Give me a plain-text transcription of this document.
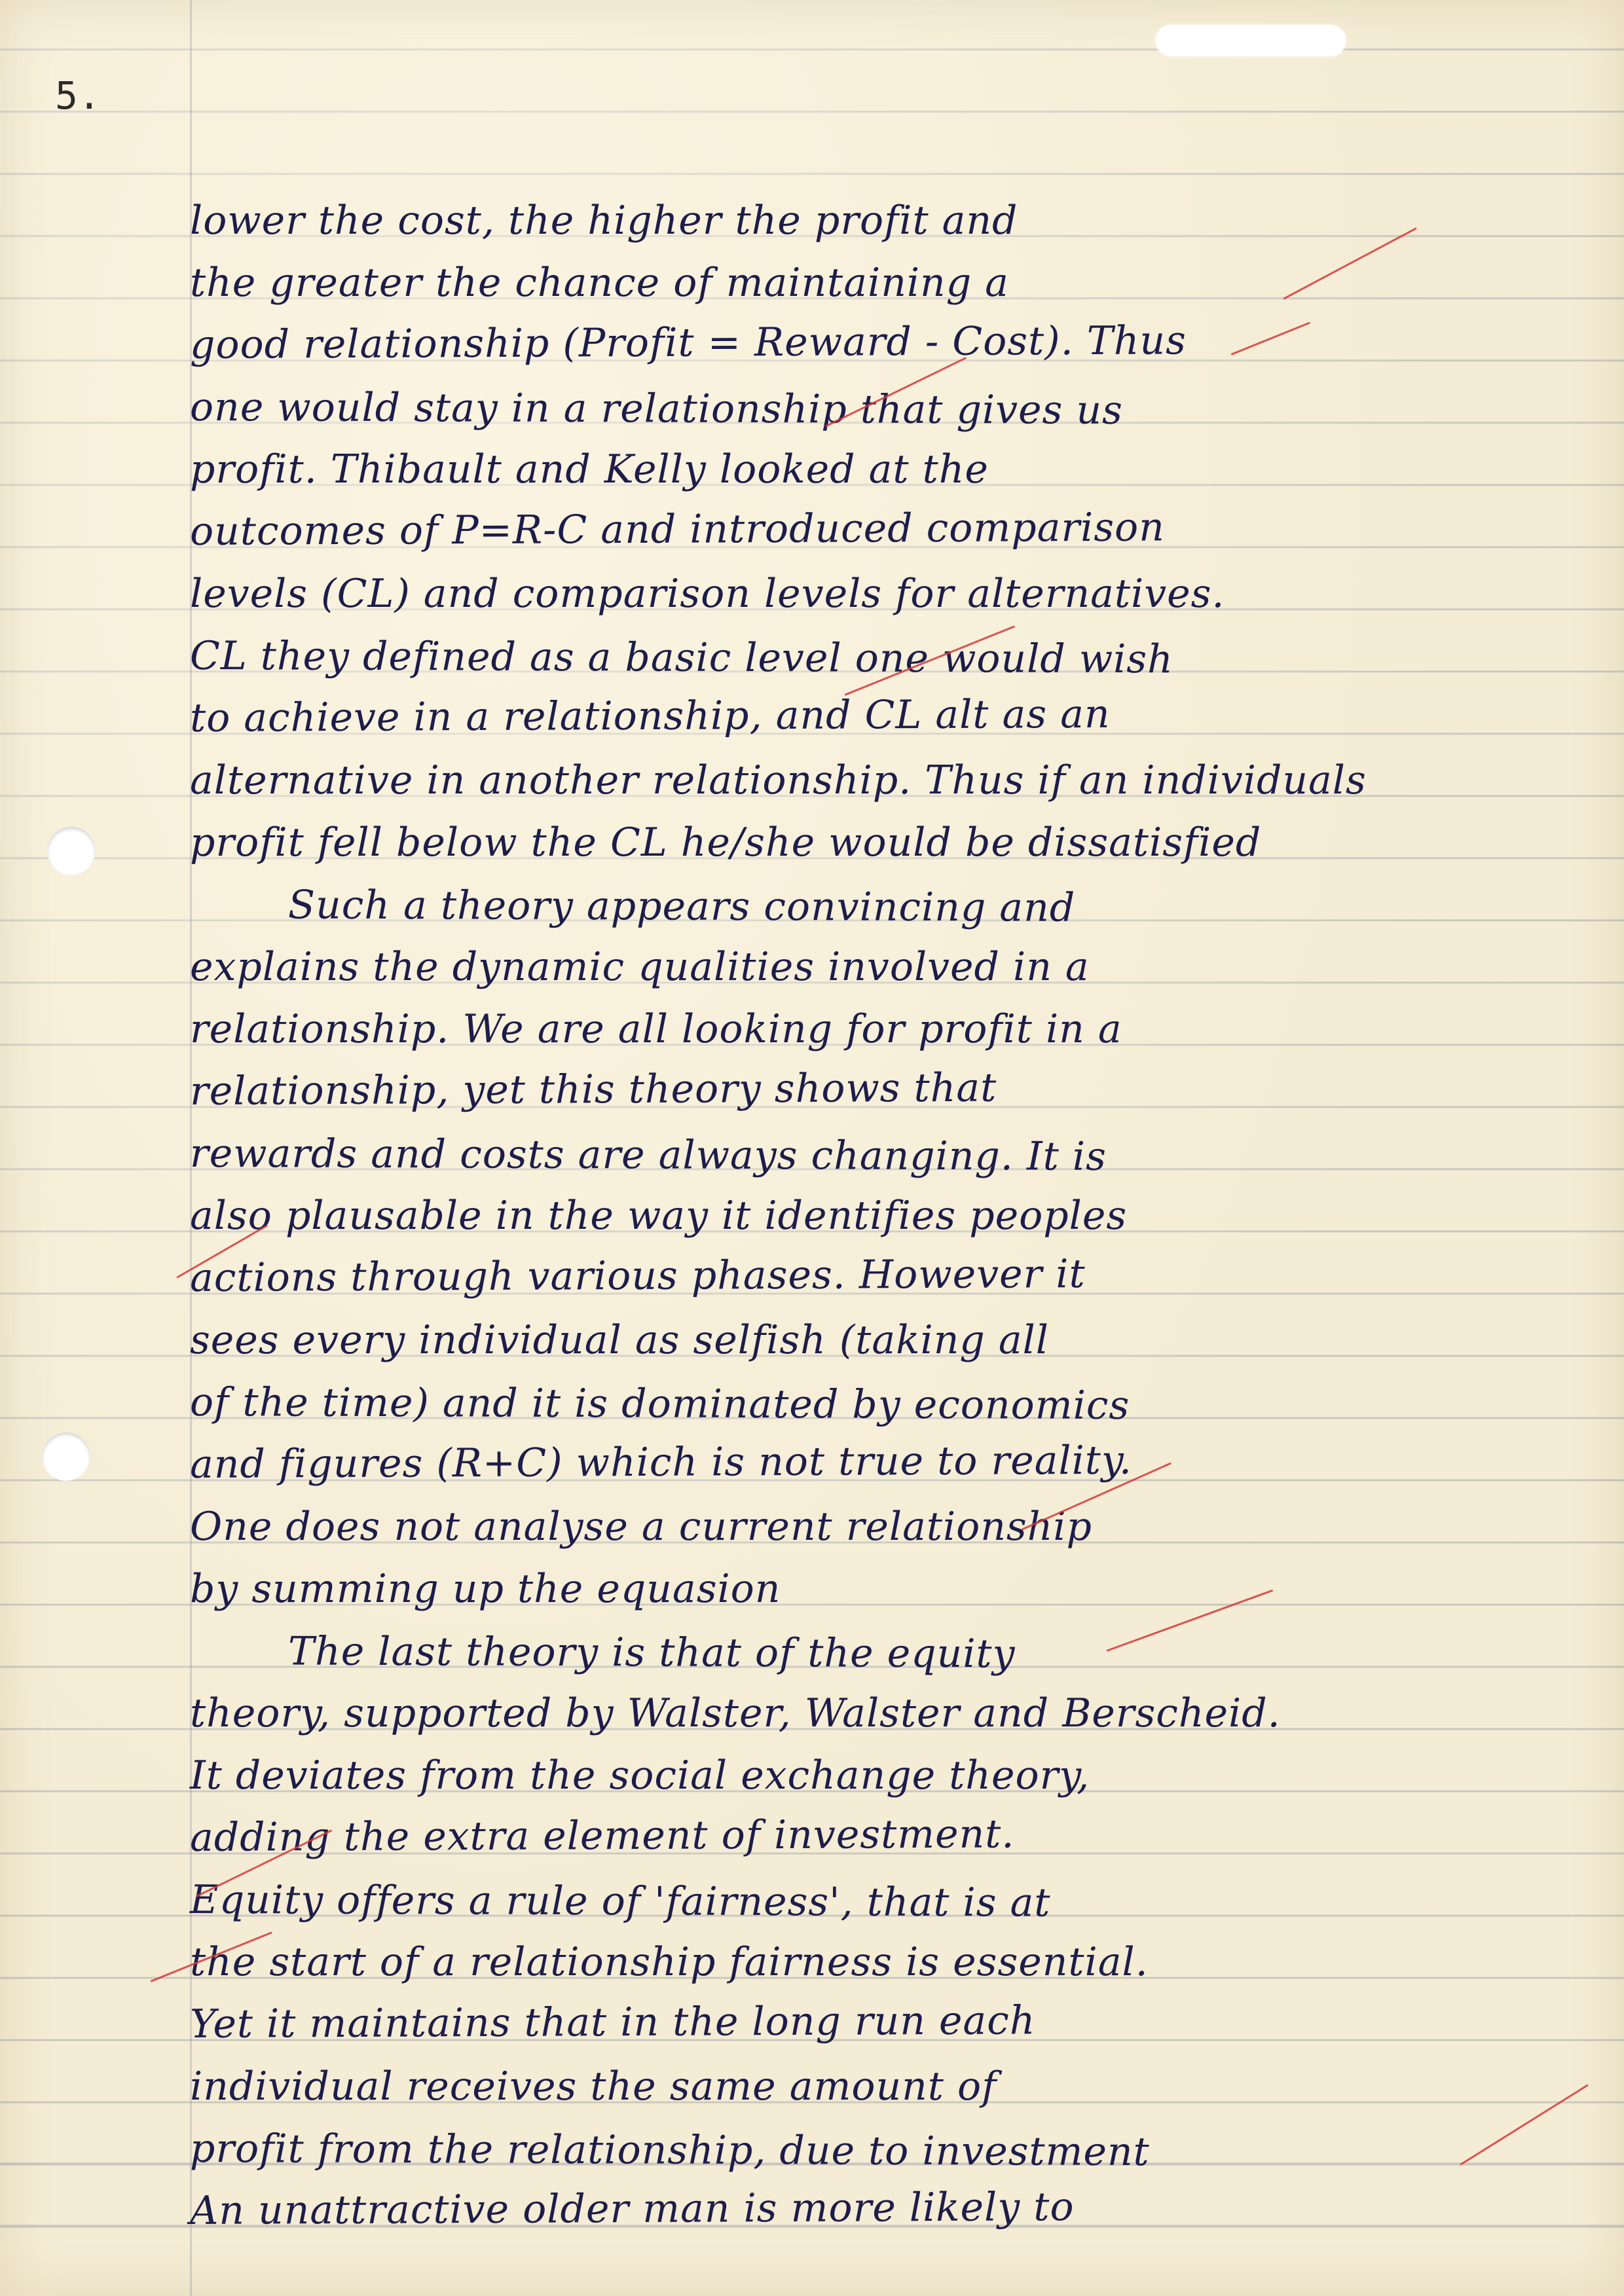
5.
lower the cost, the higher the profit and
the greater the chance of maintaining a
good relationship (Profit = Reward - Cost). Thus
one would stay in a relationship that gives us
profit. Thibault and Kelly looked at the
outcomes of P=R-C and introduced comparison
levels (CL) and comparison levels for alternatives.
CL they defined as a basic level one would wish
to achieve in a relationship, and CL alt as an
alternative in another relationship. Thus if an individuals
profit fell below the CL he/she would be dissatisfied
Such a theory appears convincing and
explains the dynamic qualities involved in a
relationship. We are all looking for profit in a
relationship, yet this theory shows that
rewards and costs are always changing. It is
also plausable in the way it identifies peoples
actions through various phases. However it
sees every individual as selfish (taking all
of the time) and it is dominated by economics
and figures (R+C) which is not true to reality.
One does not analyse a current relationship
by summing up the equasion
The last theory is that of the equity
theory, supported by Walster, Walster and Berscheid.
It deviates from the social exchange theory,
adding the extra element of investment.
Equity offers a rule of 'fairness', that is at
the start of a relationship fairness is essential.
Yet it maintains that in the long run each
individual receives the same amount of
profit from the relationship, due to investment
An unattractive older man is more likely to
